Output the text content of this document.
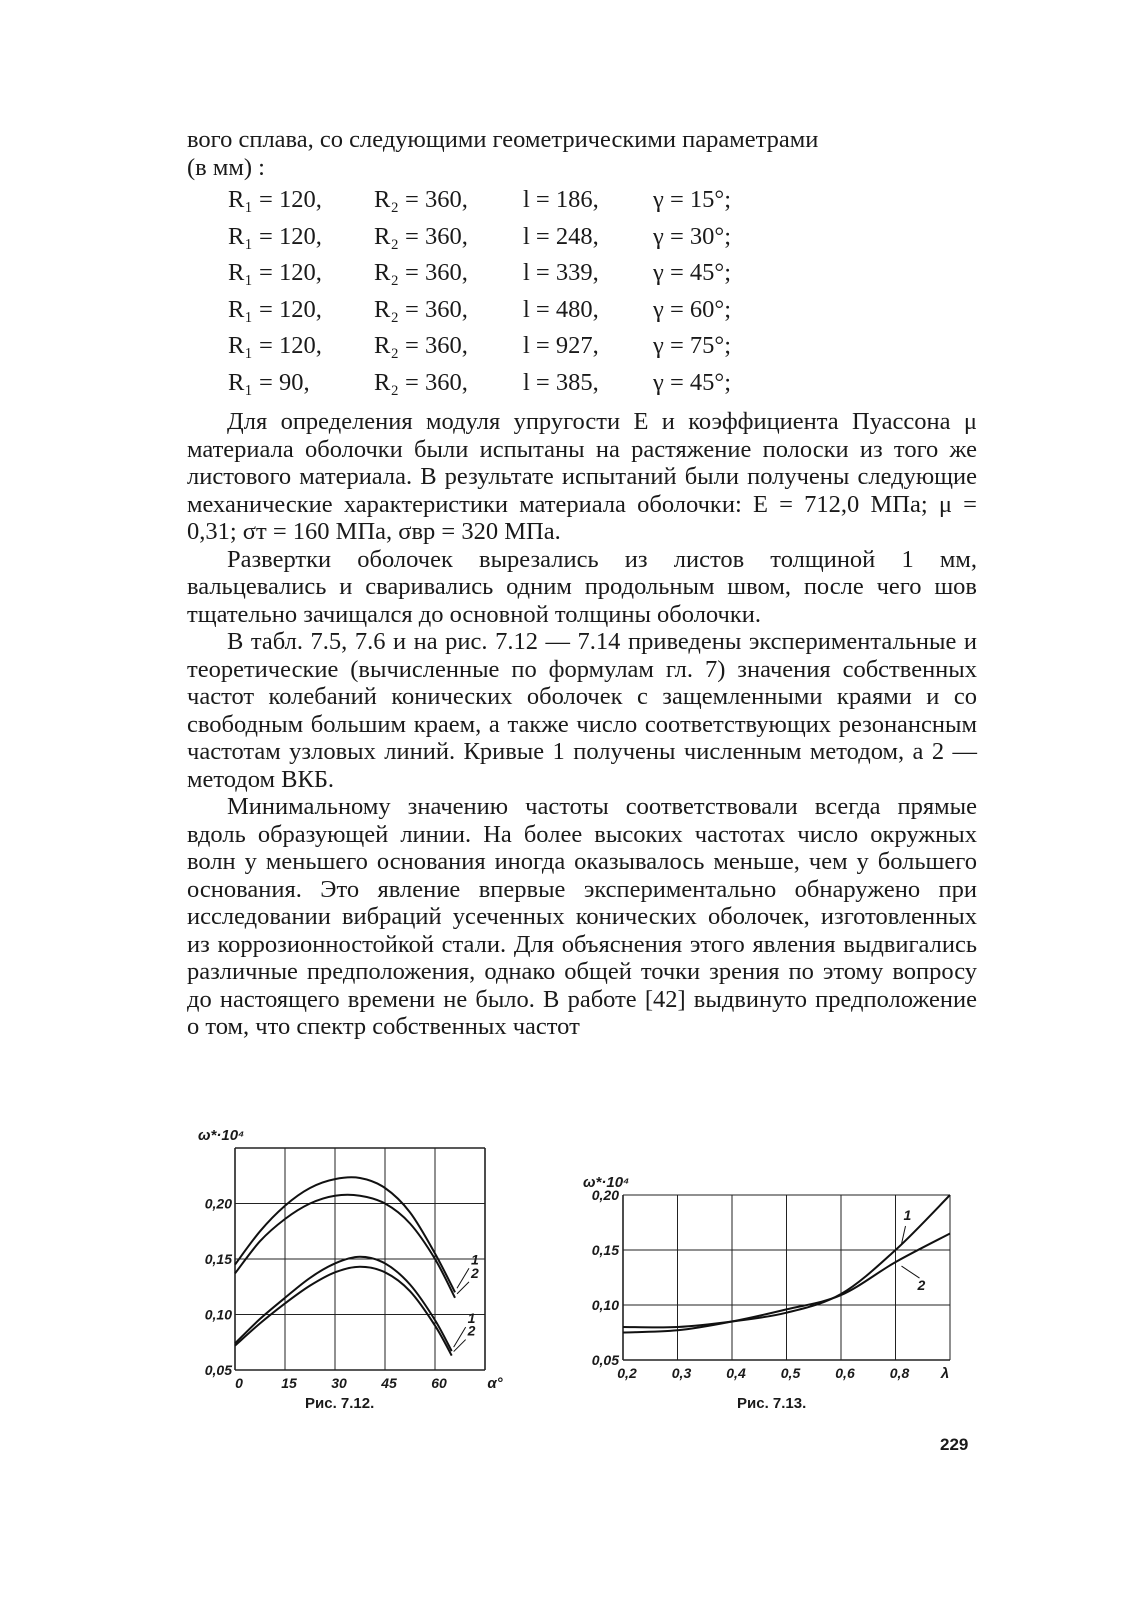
вого сплава, со следующими геометрическими параметрами

(в мм) :

R₁ = 120, R₂ = 360, l = 186, γ = 15°;
R₁ = 120, R₂ = 360, l = 248, γ = 30°;
R₁ = 120, R₂ = 360, l = 339, γ = 45°;
R₁ = 120, R₂ = 360, l = 480, γ = 60°;
R₁ = 120, R₂ = 360, l = 927, γ = 75°;
R₁ = 90,	R₂ = 360, l = 385, γ = 45°;

Для определения модуля упругости E и коэффициента Пуассона μ материала оболочки были испытаны на растяжение полоски из того же листового материала. В результате испытаний были получены следующие механические характеристики материала оболочки: E = 712,0 МПа; μ = 0,31; σт = 160 МПа, σвр = 320 МПа.

Развертки оболочек вырезались из листов толщиной 1 мм, вальцевались и сваривались одним продольным швом, после чего шов тщательно зачищался до основной толщины оболочки.

В табл. 7.5, 7.6 и на рис. 7.12 — 7.14 приведены экспериментальные и теоретические (вычисленные по формулам гл. 7) значения собственных частот колебаний конических оболочек с защемленными краями и со свободным большим краем, а также число соответствующих резонансным частотам узловых линий. Кривые 1 получены численным методом, а 2 — методом ВКБ.

Минимальному значению частоты соответствовали всегда прямые вдоль образующей линии. На более высоких частотах число окружных волн у меньшего основания иногда оказывалось меньше, чем у большего основания. Это явление впервые экспериментально обнаружено при исследовании вибраций усеченных конических оболочек, изготовленных из коррозионностойкой стали. Для объяснения этого явления выдвигались различные предположения, однако общей точки зрения по этому вопросу до настоящего времени не было. В работе [42] выдвинуто предположение о том, что спектр собственных частот

0,05
0,10
0,15
0,20
0	15 30 45 60	α°
ω*·10⁴
1
2
1
2
Рис. 7.12.
0,05
0,10
0,15
0,20
0,2	0,3	0,4	0,5	0,6	0,8 λ
ω*·10⁴
1
2
Рис. 7.13.
229
